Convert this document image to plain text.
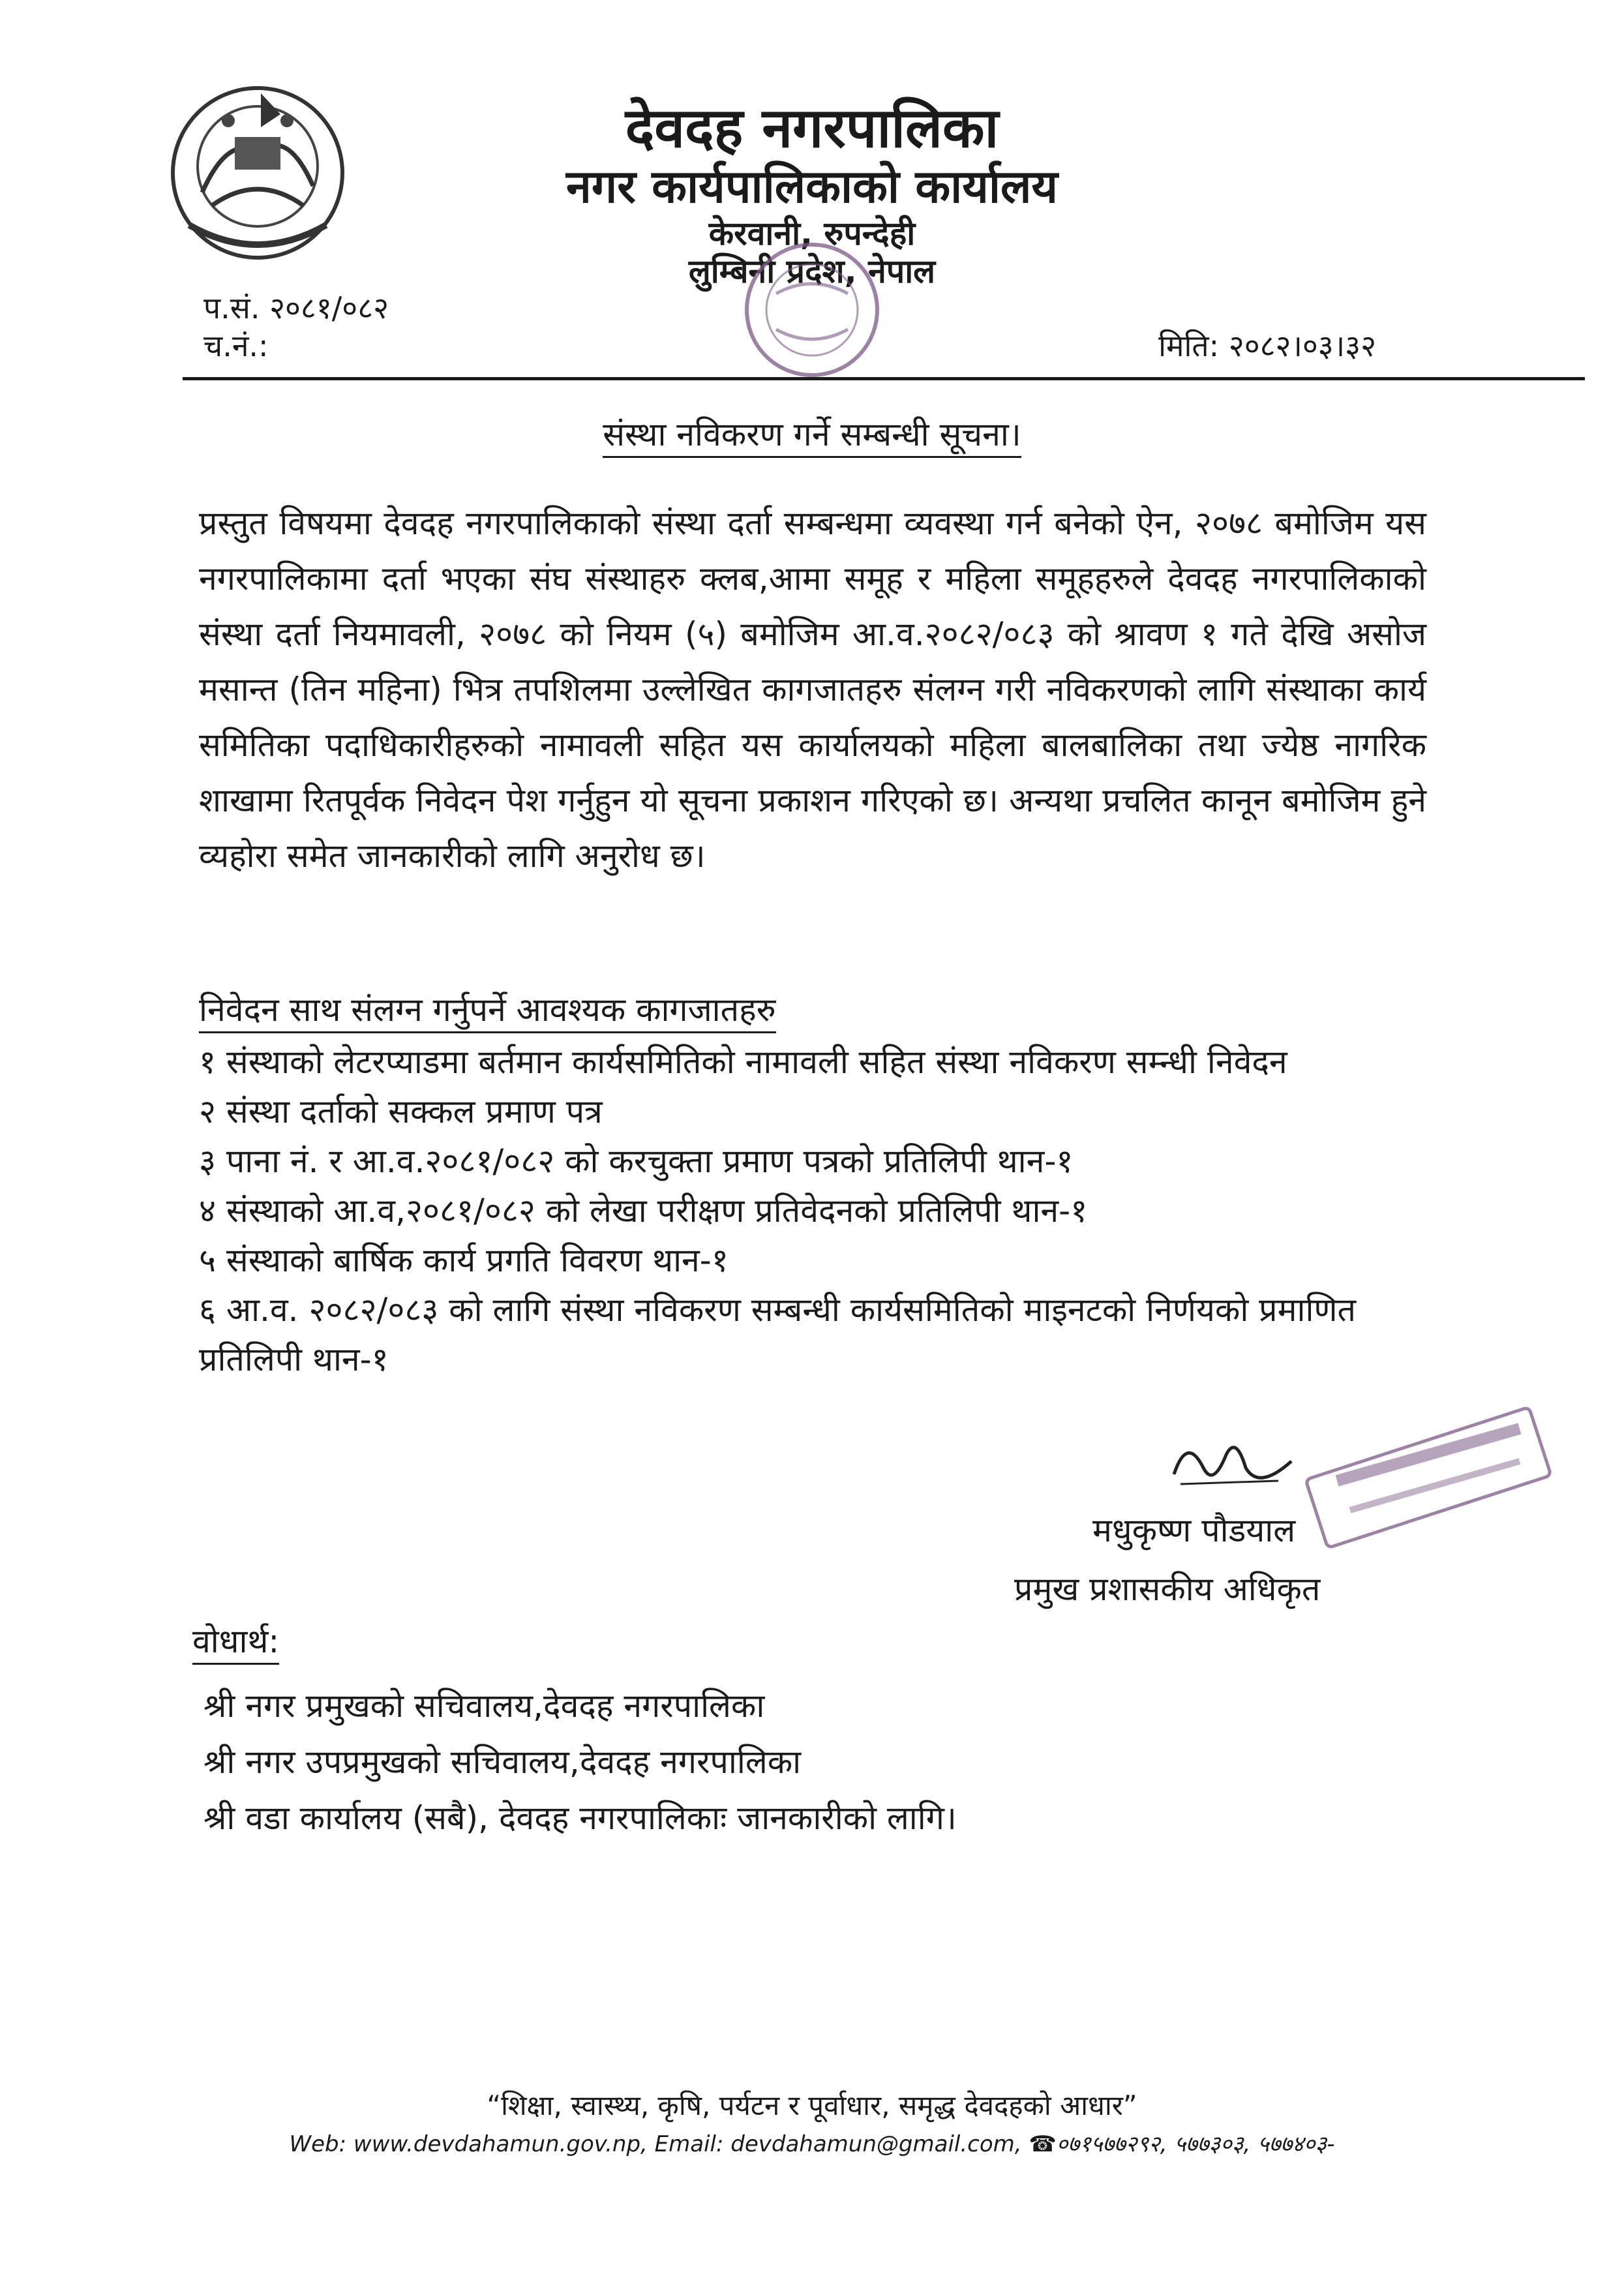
देवदह नगरपालिका
नगर कार्यपालिकाको कार्यालय
केरवानी, रुपन्देही
लुम्बिनी प्रदेश, नेपाल
प.सं. २०८१/०८२
च.नं.:	मिति: २०८२।०३।३२
संस्था नविकरण गर्ने सम्बन्धी सूचना।
प्रस्तुत विषयमा देवदह नगरपालिकाको संस्था दर्ता सम्बन्धमा व्यवस्था गर्न बनेको ऐन, २०७८ बमोजिम यस नगरपालिकामा दर्ता भएका संघ संस्थाहरु क्लब,आमा समूह र महिला समूहहरुले देवदह नगरपालिकाको संस्था दर्ता नियमावली, २०७८ को नियम (५) बमोजिम आ.व.२०८२/०८३ को श्रावण १ गते देखि असोज मसान्त (तिन महिना) भित्र तपशिलमा उल्लेखित कागजातहरु संलग्न गरी नविकरणको लागि संस्थाका कार्य समितिका पदाधिकारीहरुको नामावली सहित यस कार्यालयको महिला बालबालिका तथा ज्येष्ठ नागरिक शाखामा रितपूर्वक निवेदन पेश गर्नुहुन यो सूचना प्रकाशन गरिएको छ। अन्यथा प्रचलित कानून बमोजिम हुने व्यहोरा समेत जानकारीको लागि अनुरोध छ।
निवेदन साथ संलग्न गर्नुपर्ने आवश्यक कागजातहरु

१ संस्थाको लेटरप्याडमा बर्तमान कार्यसमितिको नामावली सहित संस्था नविकरण सम्न्धी निवेदन

२ संस्था दर्ताको सक्कल प्रमाण पत्र

३ पाना नं. र आ.व.२०८१/०८२ को करचुक्ता प्रमाण पत्रको प्रतिलिपी थान-१

४ संस्थाको आ.व,२०८१/०८२ को लेखा परीक्षण प्रतिवेदनको प्रतिलिपी थान-१

५ संस्थाको बार्षिक कार्य प्रगति विवरण थान-१

६ आ.व. २०८२/०८३ को लागि संस्था नविकरण सम्बन्धी कार्यसमितिको माइनटको निर्णयको प्रमाणित प्रतिलिपी थान-१

मधुकृष्ण पौडयाल
प्रमुख प्रशासकीय अधिकृत
वोधार्थ:

श्री नगर प्रमुखको सचिवालय,देवदह नगरपालिका

श्री नगर उपप्रमुखको सचिवालय,देवदह नगरपालिका

श्री वडा कार्यालय (सबै), देवदह नगरपालिकाः जानकारीको लागि।

“शिक्षा, स्वास्थ्य, कृषि, पर्यटन र पूर्वाधार, समृद्ध देवदहको आधार”
Web: www.devdahamun.gov.np, Email: devdahamun@gmail.com, ☎०७१५७७२९२, ५७७३०३, ५७७४०३-
